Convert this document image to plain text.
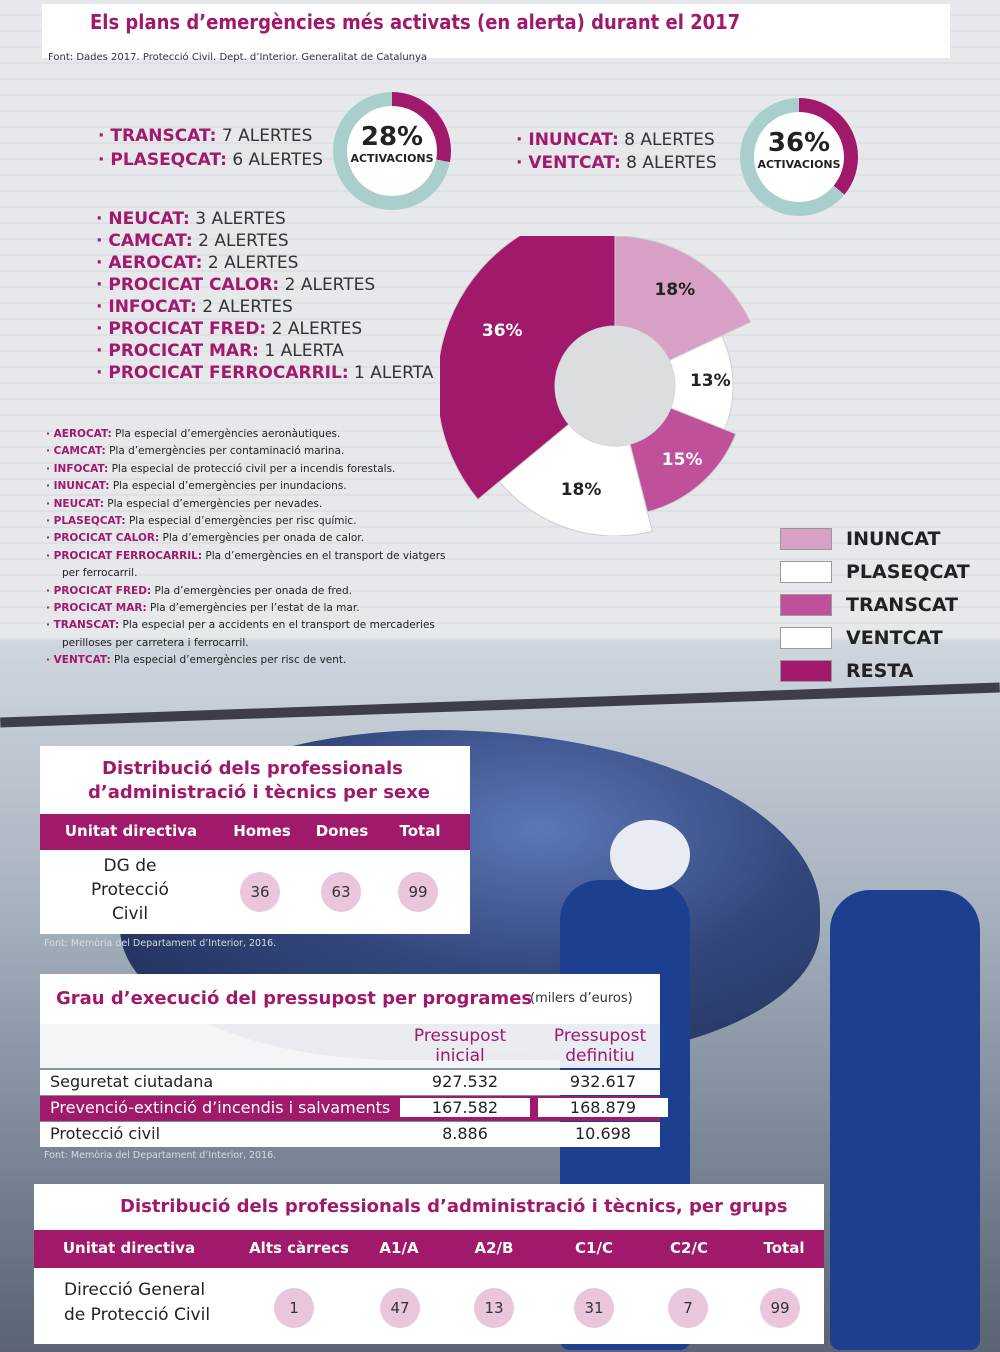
Els plans d’emergències més activats (en alerta) durant el 2017
Font: Dades 2017. Protecció Civil. Dept. d’Interior. Generalitat de Catalunya
28%
ACTIVACIONS
36%
ACTIVACIONS
· TRANSCAT: 7 ALERTES
· PLASEQCAT: 6 ALERTES
· INUNCAT: 8 ALERTES
· VENTCAT: 8 ALERTES
· NEUCAT: 3 ALERTES
· CAMCAT: 2 ALERTES
· AEROCAT: 2 ALERTES
· PROCICAT CALOR: 2 ALERTES
· INFOCAT: 2 ALERTES
· PROCICAT FRED: 2 ALERTES
· PROCICAT MAR: 1 ALERTA
· PROCICAT FERROCARRIL: 1 ALERTA
· AEROCAT: Pla especial d’emergències aeronàutiques.
· CAMCAT: Pla d’emergències per contaminació marina.
· INFOCAT: Pla especial de protecció civil per a incendis forestals.
· INUNCAT: Pla especial d’emergències per inundacions.
· NEUCAT: Pla especial d’emergències per nevades.
· PLASEQCAT: Pla especial d’emergències per risc químic.
· PROCICAT CALOR: Pla d’emergències per onada de calor.
· PROCICAT FERROCARRIL: Pla d’emergències en el transport de viatgers
per ferrocarril.
· PROCICAT FRED: Pla d’emergències per onada de fred.
· PROCICAT MAR: Pla d’emergències per l’estat de la mar.
· TRANSCAT: Pla especial per a accidents en el transport de mercaderies
perilloses per carretera i ferrocarril.
· VENTCAT: Pla especial d’emergències per risc de vent.
18%
13%
15%
18%
36%
INUNCAT
PLASEQCAT
TRANSCAT
VENTCAT
RESTA
Distribució dels professionals
d’administració i tècnics per sexe
Unitat directiva	Homes	Dones	Total
DG de
Protecció
Civil
36	63	99
Font: Memòria del Departament d’Interior, 2016.
Grau d’execució del pressupost per programes
(milers d’euros)
Pressupost
inicial
Pressupost
definitiu
Seguretat ciutadana	927.532	932.617
Prevenció-extinció d’incendis i salvaments	167.582	168.879
Protecció civil	8.886	10.698
Font: Memòria del Departament d’Interior, 2016.
Distribució dels professionals d’administració i tècnics, per grups
Unitat directiva	Alts càrrecs	A1/A	A2/B	C1/C	C2/C	Total
Direcció General
de Protecció Civil	1	47	13	31	7	99
